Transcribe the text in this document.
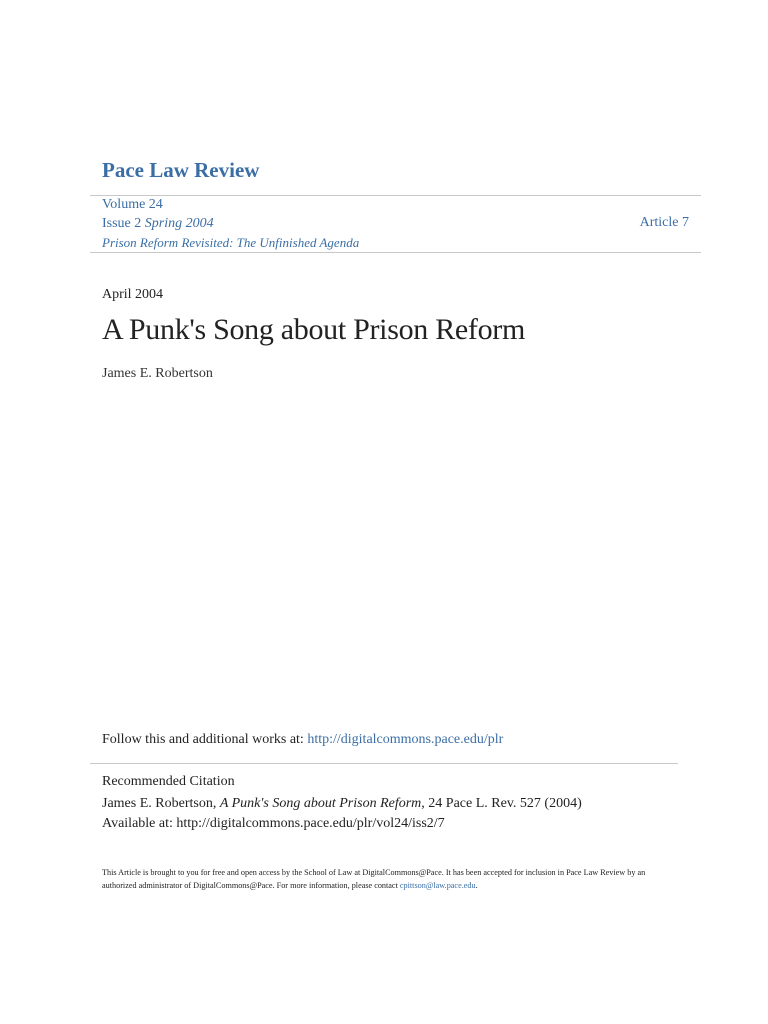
Pace Law Review
Volume 24
Issue 2 Spring 2004
Prison Reform Revisited: The Unfinished Agenda
Article 7
April 2004
A Punk's Song about Prison Reform
James E. Robertson
Follow this and additional works at: http://digitalcommons.pace.edu/plr
Recommended Citation
James E. Robertson, A Punk's Song about Prison Reform, 24 Pace L. Rev. 527 (2004)
Available at: http://digitalcommons.pace.edu/plr/vol24/iss2/7
This Article is brought to you for free and open access by the School of Law at DigitalCommons@Pace. It has been accepted for inclusion in Pace Law Review by an authorized administrator of DigitalCommons@Pace. For more information, please contact cpittson@law.pace.edu.
